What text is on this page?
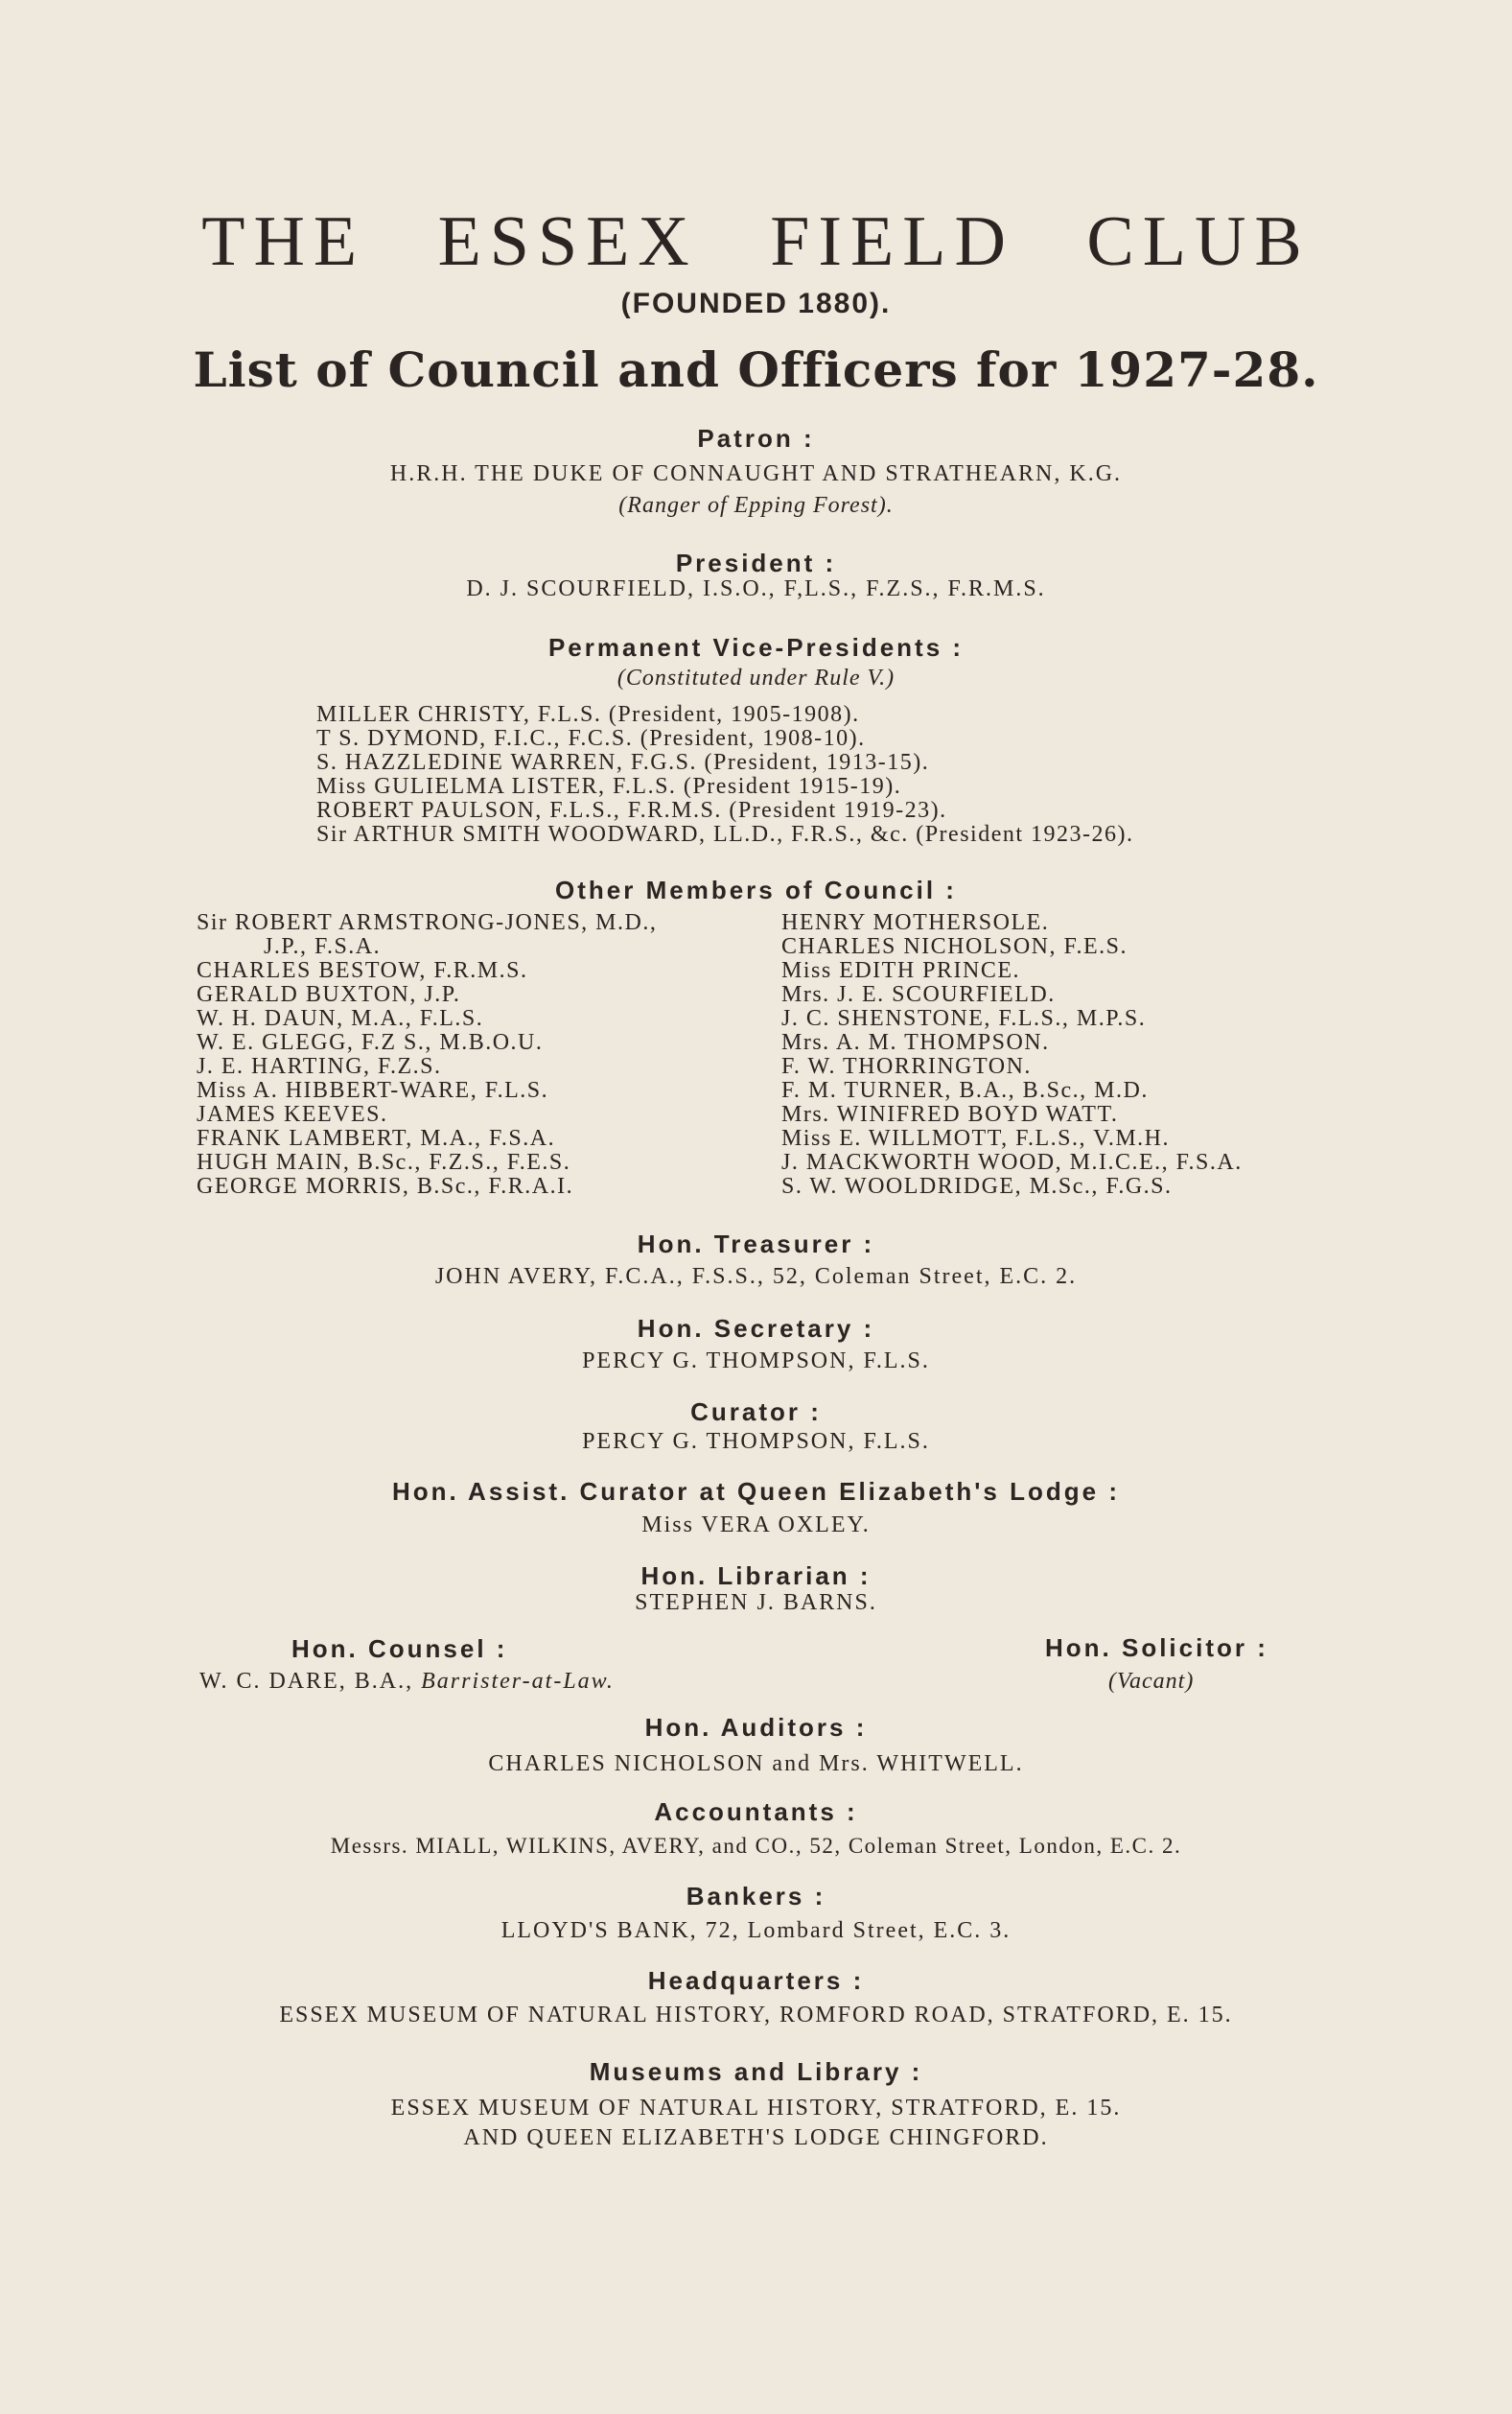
THE ESSEX FIELD CLUB
(FOUNDED 1880).
List of Council and Officers for 1927-28.
Patron :
H.R.H. THE DUKE OF CONNAUGHT AND STRATHEARN, K.G.
(Ranger of Epping Forest).
President :
D. J. SCOURFIELD, I.S.O., F,L.S., F.Z.S., F.R.M.S.
Permanent Vice-Presidents :
(Constituted under Rule V.)
MILLER CHRISTY, F.L.S. (President, 1905-1908).
T S. DYMOND, F.I.C., F.C.S. (President, 1908-10).
S. HAZZLEDINE WARREN, F.G.S. (President, 1913-15).
Miss GULIELMA LISTER, F.L.S. (President 1915-19).
ROBERT PAULSON, F.L.S., F.R.M.S. (President 1919-23).
Sir ARTHUR SMITH WOODWARD, LL.D., F.R.S., &c. (President 1923-26).
Other Members of Council :
Sir ROBERT ARMSTRONG-JONES, M.D.,
J.P., F.S.A.
CHARLES BESTOW, F.R.M.S.
GERALD BUXTON, J.P.
W. H. DAUN, M.A., F.L.S.
W. E. GLEGG, F.Z S., M.B.O.U.
J. E. HARTING, F.Z.S.
Miss A. HIBBERT-WARE, F.L.S.
JAMES KEEVES.
FRANK LAMBERT, M.A., F.S.A.
HUGH MAIN, B.Sc., F.Z.S., F.E.S.
GEORGE MORRIS, B.Sc., F.R.A.I.
HENRY MOTHERSOLE.
CHARLES NICHOLSON, F.E.S.
Miss EDITH PRINCE.
Mrs. J. E. SCOURFIELD.
J. C. SHENSTONE, F.L.S., M.P.S.
Mrs. A. M. THOMPSON.
F. W. THORRINGTON.
F. M. TURNER, B.A., B.Sc., M.D.
Mrs. WINIFRED BOYD WATT.
Miss E. WILLMOTT, F.L.S., V.M.H.
J. MACKWORTH WOOD, M.I.C.E., F.S.A.
S. W. WOOLDRIDGE, M.Sc., F.G.S.
Hon. Treasurer :
JOHN AVERY, F.C.A., F.S.S., 52, Coleman Street, E.C. 2.
Hon. Secretary :
PERCY G. THOMPSON, F.L.S.
Curator :
PERCY G. THOMPSON, F.L.S.
Hon. Assist. Curator at Queen Elizabeth's Lodge :
Miss VERA OXLEY.
Hon. Librarian :
STEPHEN J. BARNS.
Hon. Counsel :
W. C. DARE, B.A., Barrister-at-Law.
Hon. Solicitor :
(Vacant)
Hon. Auditors :
CHARLES NICHOLSON and Mrs. WHITWELL.
Accountants :
Messrs. MIALL, WILKINS, AVERY, and CO., 52, Coleman Street, London, E.C. 2.
Bankers :
LLOYD'S BANK, 72, Lombard Street, E.C. 3.
Headquarters :
ESSEX MUSEUM OF NATURAL HISTORY, ROMFORD ROAD, STRATFORD, E. 15.
Museums and Library :
ESSEX MUSEUM OF NATURAL HISTORY, STRATFORD, E. 15.
AND QUEEN ELIZABETH'S LODGE CHINGFORD.
